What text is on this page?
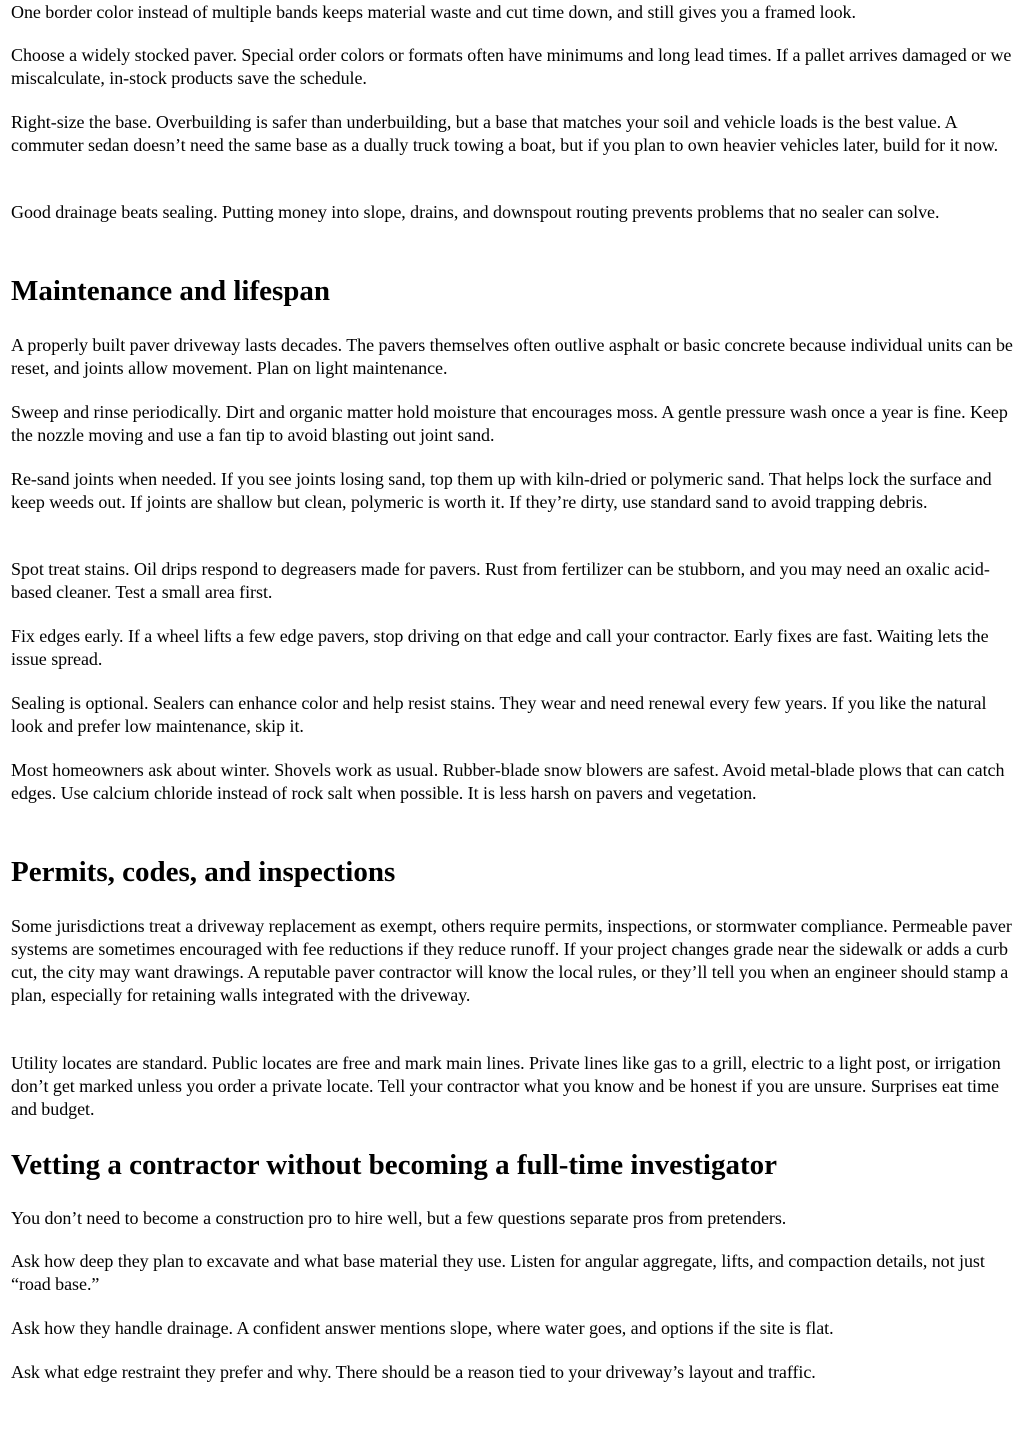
One border color instead of multiple bands keeps material waste and cut time down, and still gives you a framed look.

Choose a widely stocked paver. Special order colors or formats often have minimums and long lead times. If a pallet arrives damaged or we miscalculate, in-stock products save the schedule.

Right-size the base. Overbuilding is safer than underbuilding, but a base that matches your soil and vehicle loads is the best value. A commuter sedan doesn’t need the same base as a dually truck towing a boat, but if you plan to own heavier vehicles later, build for it now.

Good drainage beats sealing. Putting money into slope, drains, and downspout routing prevents problems that no sealer can solve.

Maintenance and lifespan

A properly built paver driveway lasts decades. The pavers themselves often outlive asphalt or basic concrete because individual units can be reset, and joints allow movement. Plan on light maintenance.

Sweep and rinse periodically. Dirt and organic matter hold moisture that encourages moss. A gentle pressure wash once a year is fine. Keep the nozzle moving and use a fan tip to avoid blasting out joint sand.

Re-sand joints when needed. If you see joints losing sand, top them up with kiln-dried or polymeric sand. That helps lock the surface and keep weeds out. If joints are shallow but clean, polymeric is worth it. If they’re dirty, use standard sand to avoid trapping debris.

Spot treat stains. Oil drips respond to degreasers made for pavers. Rust from fertilizer can be stubborn, and you may need an oxalic acid-based cleaner. Test a small area first.

Fix edges early. If a wheel lifts a few edge pavers, stop driving on that edge and call your contractor. Early fixes are fast. Waiting lets the issue spread.

Sealing is optional. Sealers can enhance color and help resist stains. They wear and need renewal every few years. If you like the natural look and prefer low maintenance, skip it.

Most homeowners ask about winter. Shovels work as usual. Rubber-blade snow blowers are safest. Avoid metal-blade plows that can catch edges. Use calcium chloride instead of rock salt when possible. It is less harsh on pavers and vegetation.

Permits, codes, and inspections

Some jurisdictions treat a driveway replacement as exempt, others require permits, inspections, or stormwater compliance. Permeable paver systems are sometimes encouraged with fee reductions if they reduce runoff. If your project changes grade near the sidewalk or adds a curb cut, the city may want drawings. A reputable paver contractor will know the local rules, or they’ll tell you when an engineer should stamp a plan, especially for retaining walls integrated with the driveway.

Utility locates are standard. Public locates are free and mark main lines. Private lines like gas to a grill, electric to a light post, or irrigation don’t get marked unless you order a private locate. Tell your contractor what you know and be honest if you are unsure. Surprises eat time and budget.

Vetting a contractor without becoming a full-time investigator

You don’t need to become a construction pro to hire well, but a few questions separate pros from pretenders.

Ask how deep they plan to excavate and what base material they use. Listen for angular aggregate, lifts, and compaction details, not just “road base.”

Ask how they handle drainage. A confident answer mentions slope, where water goes, and options if the site is flat.

Ask what edge restraint they prefer and why. There should be a reason tied to your driveway’s layout and traffic.
